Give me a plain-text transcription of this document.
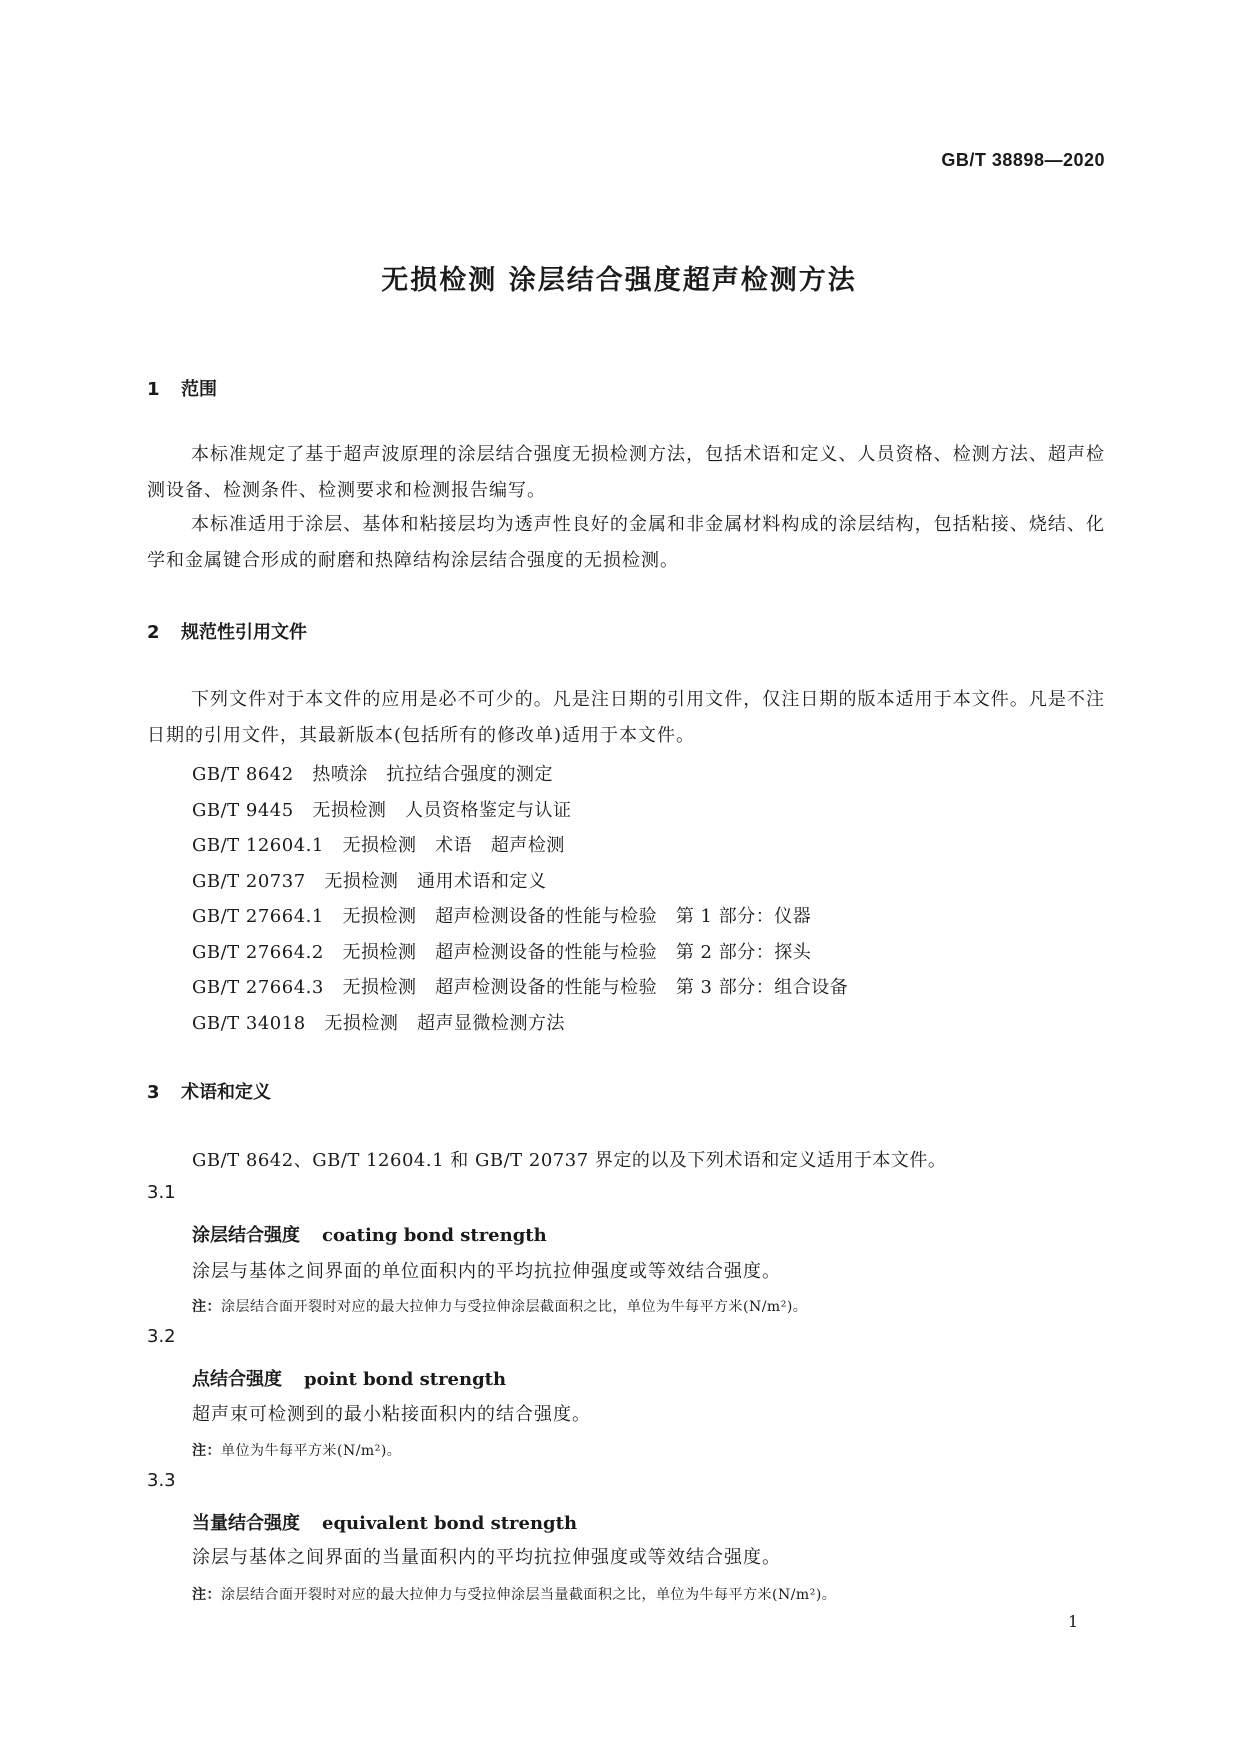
GB/T 38898—2020
无损检测 涂层结合强度超声检测方法
1 范围
本标准规定了基于超声波原理的涂层结合强度无损检测方法，包括术语和定义、人员资格、检测方法、超声检测设备、检测条件、检测要求和检测报告编写。
本标准适用于涂层、基体和粘接层均为透声性良好的金属和非金属材料构成的涂层结构，包括粘接、烧结、化学和金属键合形成的耐磨和热障结构涂层结合强度的无损检测。
2 规范性引用文件
下列文件对于本文件的应用是必不可少的。凡是注日期的引用文件，仅注日期的版本适用于本文件。凡是不注日期的引用文件，其最新版本(包括所有的修改单)适用于本文件。
GB/T 8642   热喷涂   抗拉结合强度的测定
GB/T 9445   无损检测   人员资格鉴定与认证
GB/T 12604.1   无损检测   术语   超声检测
GB/T 20737   无损检测   通用术语和定义
GB/T 27664.1   无损检测   超声检测设备的性能与检验   第 1 部分：仪器
GB/T 27664.2   无损检测   超声检测设备的性能与检验   第 2 部分：探头
GB/T 27664.3   无损检测   超声检测设备的性能与检验   第 3 部分：组合设备
GB/T 34018   无损检测   超声显微检测方法
3 术语和定义
GB/T 8642、GB/T 12604.1 和 GB/T 20737 界定的以及下列术语和定义适用于本文件。
3.1
涂层结合强度 coating bond strength
涂层与基体之间界面的单位面积内的平均抗拉伸强度或等效结合强度。
注：涂层结合面开裂时对应的最大拉伸力与受拉伸涂层截面积之比，单位为牛每平方米(N/m²)。
3.2
点结合强度 point bond strength
超声束可检测到的最小粘接面积内的结合强度。
注：单位为牛每平方米(N/m²)。
3.3
当量结合强度 equivalent bond strength
涂层与基体之间界面的当量面积内的平均抗拉伸强度或等效结合强度。
注：涂层结合面开裂时对应的最大拉伸力与受拉伸涂层当量截面积之比，单位为牛每平方米(N/m²)。
1
